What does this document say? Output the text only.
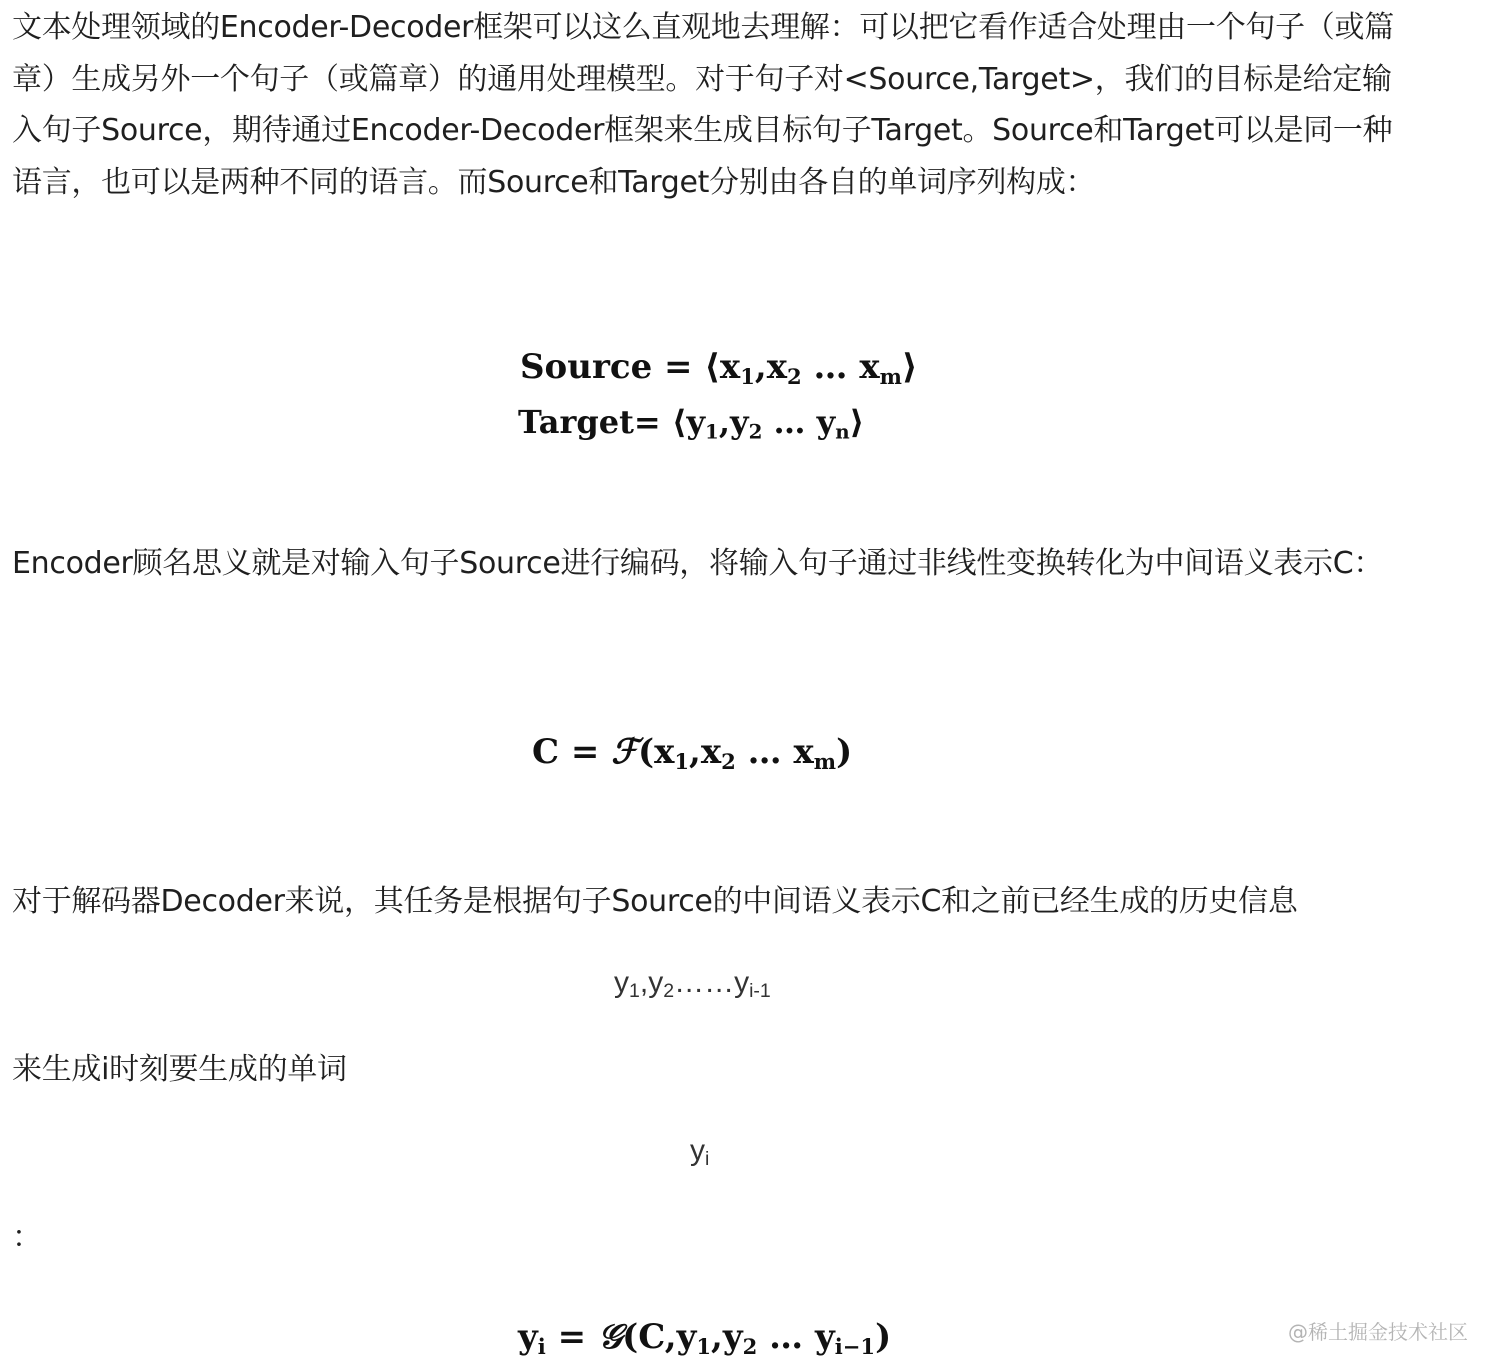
文本处理领域的Encoder-Decoder框架可以这么直观地去理解：可以把它看作适合处理由一个句子（或篇章）生成另外一个句子（或篇章）的通用处理模型。对于句子对<Source,Target>，我们的目标是给定输入句子Source，期待通过Encoder-Decoder框架来生成目标句子Target。Source和Target可以是同一种语言，也可以是两种不同的语言。而Source和Target分别由各自的单词序列构成：

Source = $⟨x_1,x_2$ … $x_m⟩$
Target= $⟨y_1,y_2$ … $y_n⟩$

Encoder顾名思义就是对输入句子Source进行编码，将输入句子通过非线性变换转化为中间语义表示C：

$C = ℱ(x_1,x_2$ … $x_m$)

对于解码器Decoder来说，其任务是根据句子Source的中间语义表示C和之前已经生成的历史信息

$y_1,y_2\dots\dots y_{i-1}$

来生成i时刻要生成的单词

$y_i$

：

$y_i$ = $𝒢(C,y_1,y_2$ … $y_{i-1}$)	@稀土掘金技术社区
